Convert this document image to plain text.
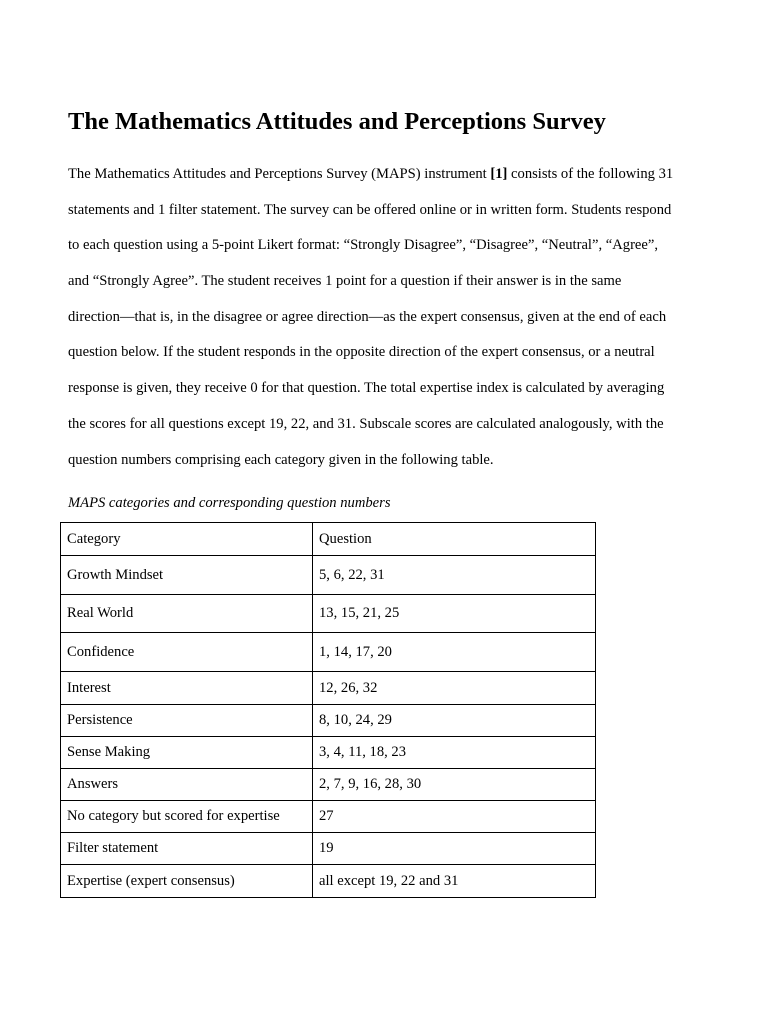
The Mathematics Attitudes and Perceptions Survey
The Mathematics Attitudes and Perceptions Survey (MAPS) instrument [1] consists of the following 31
statements and 1 filter statement. The survey can be offered online or in written form. Students respond
to each question using a 5-point Likert format: “Strongly Disagree”, “Disagree”, “Neutral”, “Agree”,
and “Strongly Agree”. The student receives 1 point for a question if their answer is in the same
direction—that is, in the disagree or agree direction—as the expert consensus, given at the end of each
question below. If the student responds in the opposite direction of the expert consensus, or a neutral
response is given, they receive 0 for that question. The total expertise index is calculated by averaging
the scores for all questions except 19, 22, and 31. Subscale scores are calculated analogously, with the
question numbers comprising each category given in the following table.

MAPS categories and corresponding question numbers

Category	Question
Growth Mindset	5, 6, 22, 31
Real World	13, 15, 21, 25
Confidence	1, 14, 17, 20
Interest	12, 26, 32
Persistence	8, 10, 24, 29
Sense Making	3, 4, 11, 18, 23
Answers	2, 7, 9, 16, 28, 30
No category but scored for expertise	27
Filter statement	19
Expertise (expert consensus)	all except 19, 22 and 31
